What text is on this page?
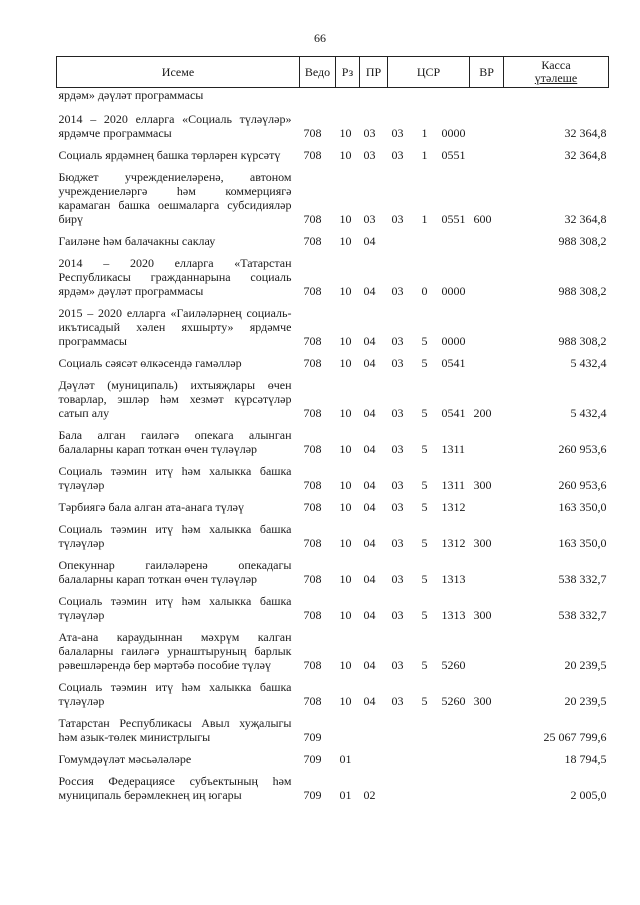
66
Исеме	Ведо	Рз	ПР	ЦСР			ВР	Касса
үтәлеше

ярдәм» дәүләт программасы								
2014 – 2020 елларга «Социаль түләүләр» ярдәмче программасы	708	10	03	03	1	0000		32 364,8
Социаль ярдәмнең башка төрләрен күрсәтү	708	10	03	03	1	0551		32 364,8
Бюджет учреждениеләренә, автоном учреждениеләргә һәм коммерциягә карамаган башка оешмаларга субсидияләр бирү	708	10	03	03	1	0551	600	32 364,8
Гаиләне һәм балачакны саклау	708	10	04					988 308,2
2014 – 2020 елларга «Татарстан Республикасы гражданнарына социаль ярдәм» дәүләт программасы	708	10	04	03	0	0000		988 308,2
2015 – 2020 елларга «Гаиләләрнең социаль-икътисадый хәлен яхшырту» ярдәмче программасы	708	10	04	03	5	0000		988 308,2
Социаль сәясәт өлкәсендә гамәлләр	708	10	04	03	5	0541		5 432,4
Дәүләт (муниципаль) ихтыяҗлары өчен товарлар, эшләр һәм хезмәт күрсәтүләр сатып алу	708	10	04	03	5	0541	200	5 432,4
Бала алган гаиләгә опекага алынган балаларны карап тоткан өчен түләүләр	708	10	04	03	5	1311		260 953,6
Социаль тәэмин итү һәм халыкка башка түләүләр	708	10	04	03	5	1311	300	260 953,6
Тәрбиягә бала алган ата-анага түләү	708	10	04	03	5	1312		163 350,0
Социаль тәэмин итү һәм халыкка башка түләүләр	708	10	04	03	5	1312	300	163 350,0
Опекуннар гаиләләренә опекадагы балаларны карап тоткан өчен түләүләр	708	10	04	03	5	1313		538 332,7
Социаль тәэмин итү һәм халыкка башка түләүләр	708	10	04	03	5	1313	300	538 332,7
Ата-ана караудыннан мәхрүм калган балаларны гаиләгә урнаштыруның барлык рәвешләрендә бер мәртәбә пособие түләү	708	10	04	03	5	5260		20 239,5
Социаль тәэмин итү һәм халыкка башка түләүләр	708	10	04	03	5	5260	300	20 239,5
Татарстан Республикасы Авыл хуҗалыгы һәм азык-төлек министрлыгы	709							25 067 799,6
Гомумдәүләт мәсьәләләре	709	01						18 794,5
Россия Федерациясе субъектының һәм муниципаль берәмлекнең иң югары	709	01	02					2 005,0
